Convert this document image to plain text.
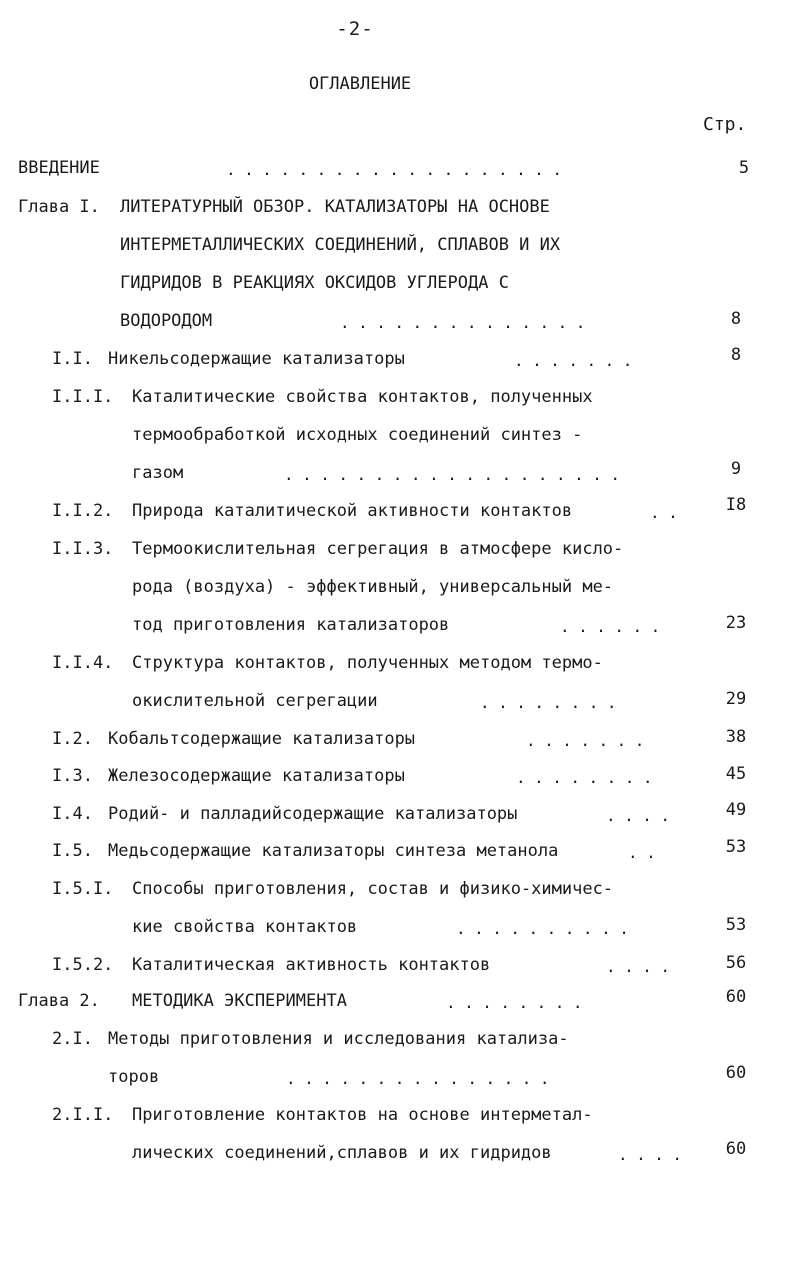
-2-
ОГЛАВЛЕНИЕ
Стр.
ВВЕДЕНИЕ	...................	5
Глава I. ЛИТЕРАТУРНЫЙ ОБЗОР. КАТАЛИЗАТОРЫ НА ОСНОВЕ
ИНТЕРМЕТАЛЛИЧЕСКИХ СОЕДИНЕНИЙ, СПЛАВОВ И ИХ
ГИДРИДОВ В РЕАКЦИЯХ ОКСИДОВ УГЛЕРОДА С
ВОДОРОДОМ	..............	8
I.I. Никельсодержащие катализаторы	.......	8
I.I.I. Каталитические свойства контактов, полученных
термообработкой исходных соединений синтез -
газом	...................	9
I.I.2. Природа каталитической активности контактов	..	I8
I.I.3. Термоокислительная сегрегация в атмосфере кисло-
рода (воздуха) - эффективный, универсальный ме-
тод приготовления катализаторов	......	23
I.I.4. Структура контактов, полученных методом термо-
окислительной сегрегации	........	29
I.2. Кобальтсодержащие катализаторы	.......	38
I.3. Железосодержащие катализаторы	........	45
I.4. Родий- и палладийсодержащие катализаторы	....	49
I.5. Медьсодержащие катализаторы синтеза метанола	..	53
I.5.I. Способы приготовления, состав и физико-химичес-
кие свойства контактов	..........	53
I.5.2. Каталитическая активность контактов	....	56
Глава 2. МЕТОДИКА ЭКСПЕРИМЕНТА	........	60
2.I. Методы приготовления и исследования катализа-
торов	...............	60
2.I.I. Приготовление контактов на основе интерметал-
лических соединений,сплавов и их гидридов	....	60
